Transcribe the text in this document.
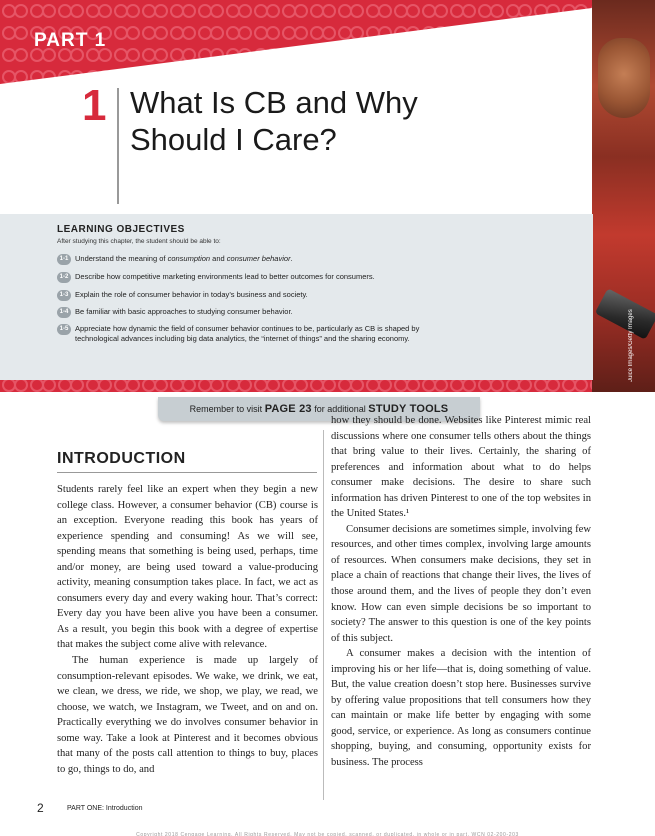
Juice Images/Getty Images
PART 1
1 What Is CB and Why Should I Care?
LEARNING OBJECTIVES
After studying this chapter, the student should be able to:
1-1 Understand the meaning of consumption and consumer behavior.
1-2 Describe how competitive marketing environments lead to better outcomes for consumers.
1-3 Explain the role of consumer behavior in today’s business and society.
1-4 Be familiar with basic approaches to studying consumer behavior.
1-5 Appreciate how dynamic the field of consumer behavior continues to be, particularly as CB is shaped by technological advances including big data analytics, the “internet of things” and the sharing economy.
Remember to visit PAGE 23 for additional STUDY TOOLS
INTRODUCTION

Students rarely feel like an expert when they begin a new college class. However, a consumer behavior (CB) course is an exception. Everyone reading this book has years of experience spending and consuming! As we will see, spending means that something is being used, perhaps, time and/or money, are being used toward a value-producing activity, meaning consumption takes place. In fact, we act as consumers every day and every waking hour. That’s correct: Every day you have been alive you have been a consumer. As a result, you begin this book with a degree of expertise that makes the subject come alive with relevance.

The human experience is made up largely of consumption-relevant episodes. We wake, we drink, we eat, we clean, we dress, we ride, we shop, we play, we read, we choose, we watch, we Instagram, we Tweet, and on and on. Practically everything we do involves consumer behavior in some way. Take a look at Pinterest and it becomes obvious that many of the posts call attention to things to buy, places to go, things to do, and

how they should be done. Websites like Pinterest mimic real discussions where one consumer tells others about the things that bring value to their lives. Certainly, the sharing of preferences and information about what to do helps consumer make decisions. The desire to share such information has driven Pinterest to one of the top websites in the United States.¹

Consumer decisions are sometimes simple, involving few resources, and other times complex, involving large amounts of resources. When consumers make decisions, they set in place a chain of reactions that change their lives, the lives of those around them, and the lives of people they don’t even know. How can even simple decisions be so important to society? The answer to this question is one of the key points of this subject.

A consumer makes a decision with the intention of improving his or her life—that is, doing something of value. But, the value creation doesn’t stop here. Businesses survive by offering value propositions that tell consumers how they can maintain or make life better by engaging with some good, service, or experience. As long as consumers continue shopping, buying, and consuming, opportunity exists for business. The process

2	PART ONE: Introduction
Copyright 2018 Cengage Learning. All Rights Reserved. May not be copied, scanned, or duplicated, in whole or in part. WCN 02-200-203
